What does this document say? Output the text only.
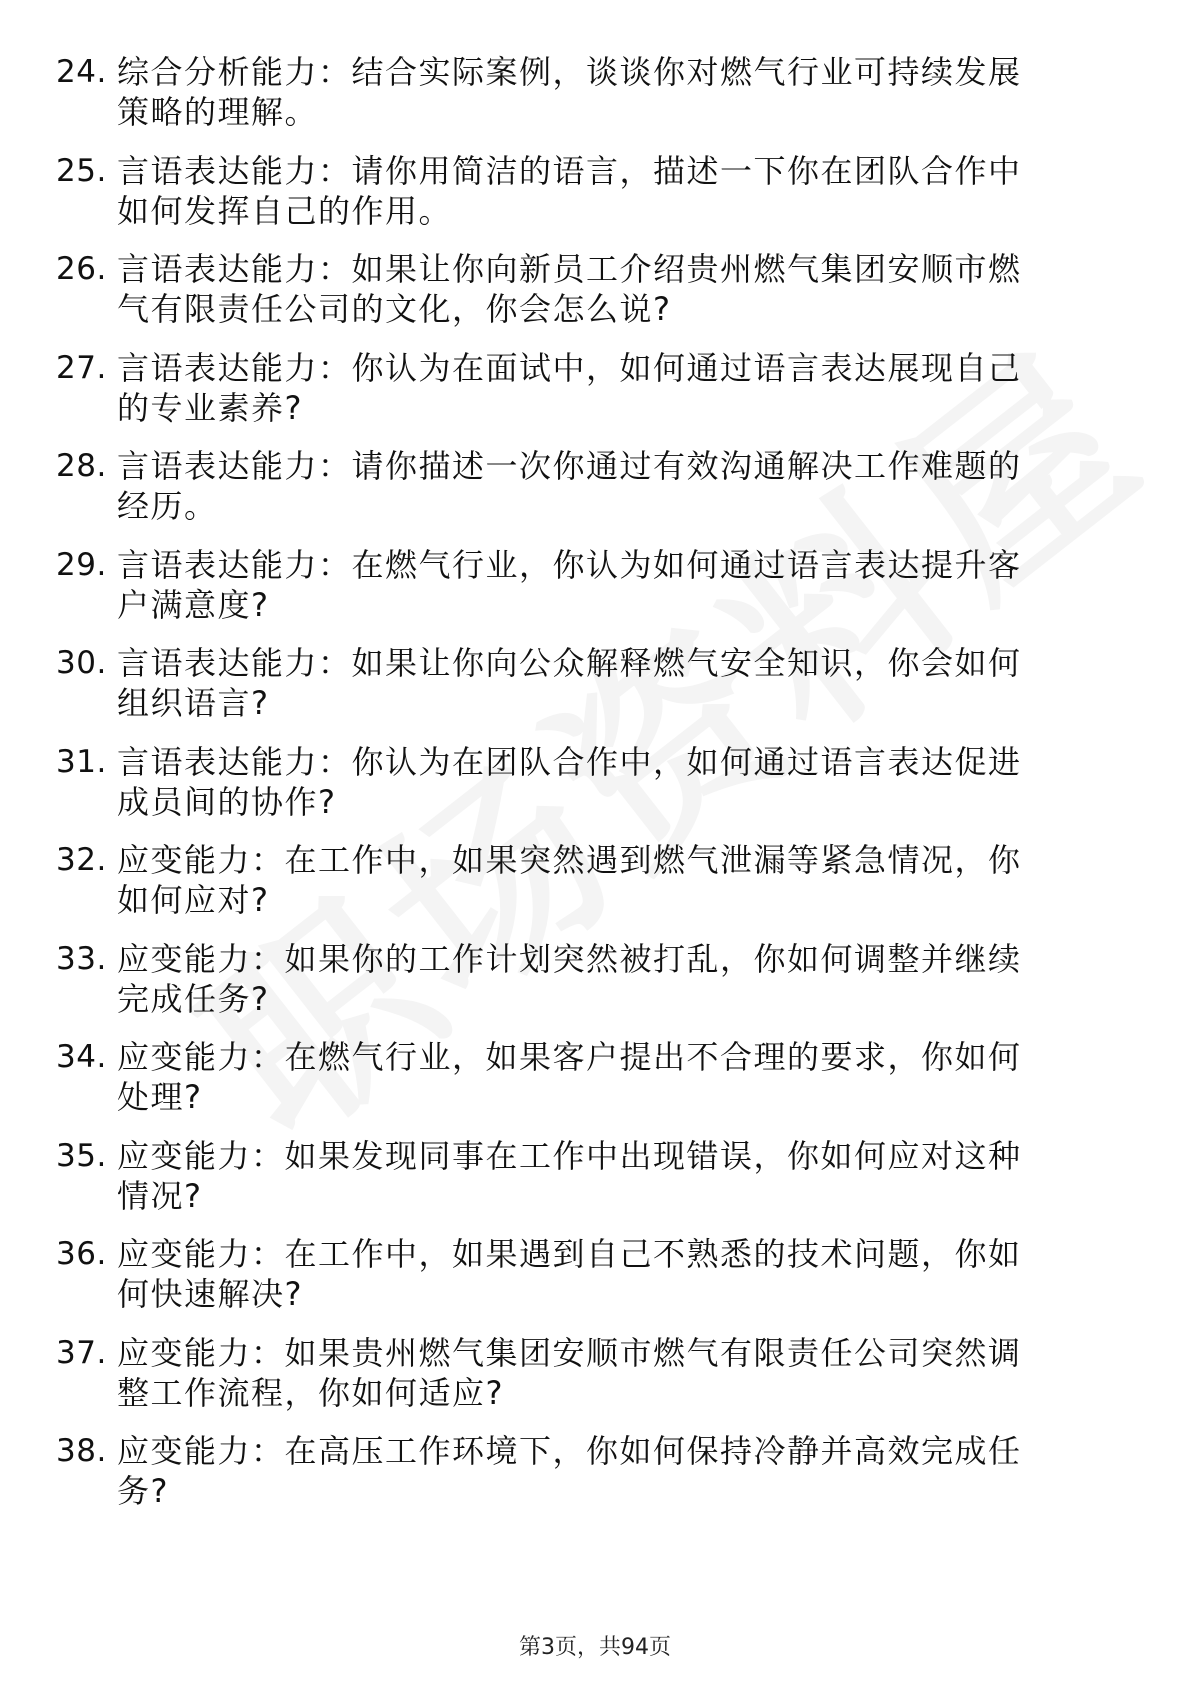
24. 综合分析能力：结合实际案例，谈谈你对燃气行业可持续发展策略的理解。
25. 言语表达能力：请你用简洁的语言，描述一下你在团队合作中如何发挥自己的作用。
26. 言语表达能力：如果让你向新员工介绍贵州燃气集团安顺市燃气有限责任公司的文化，你会怎么说?
27. 言语表达能力：你认为在面试中，如何通过语言表达展现自己的专业素养?
28. 言语表达能力：请你描述一次你通过有效沟通解决工作难题的经历。
29. 言语表达能力：在燃气行业，你认为如何通过语言表达提升客户满意度?
30. 言语表达能力：如果让你向公众解释燃气安全知识，你会如何组织语言?
31. 言语表达能力：你认为在团队合作中，如何通过语言表达促进成员间的协作?
32. 应变能力：在工作中，如果突然遇到燃气泄漏等紧急情况，你如何应对?
33. 应变能力：如果你的工作计划突然被打乱，你如何调整并继续完成任务?
34. 应变能力：在燃气行业，如果客户提出不合理的要求，你如何处理?
35. 应变能力：如果发现同事在工作中出现错误，你如何应对这种情况?
36. 应变能力：在工作中，如果遇到自己不熟悉的技术问题，你如何快速解决?
37. 应变能力：如果贵州燃气集团安顺市燃气有限责任公司突然调整工作流程，你如何适应?
38. 应变能力：在高压工作环境下，你如何保持冷静并高效完成任务?
第3页，共94页
